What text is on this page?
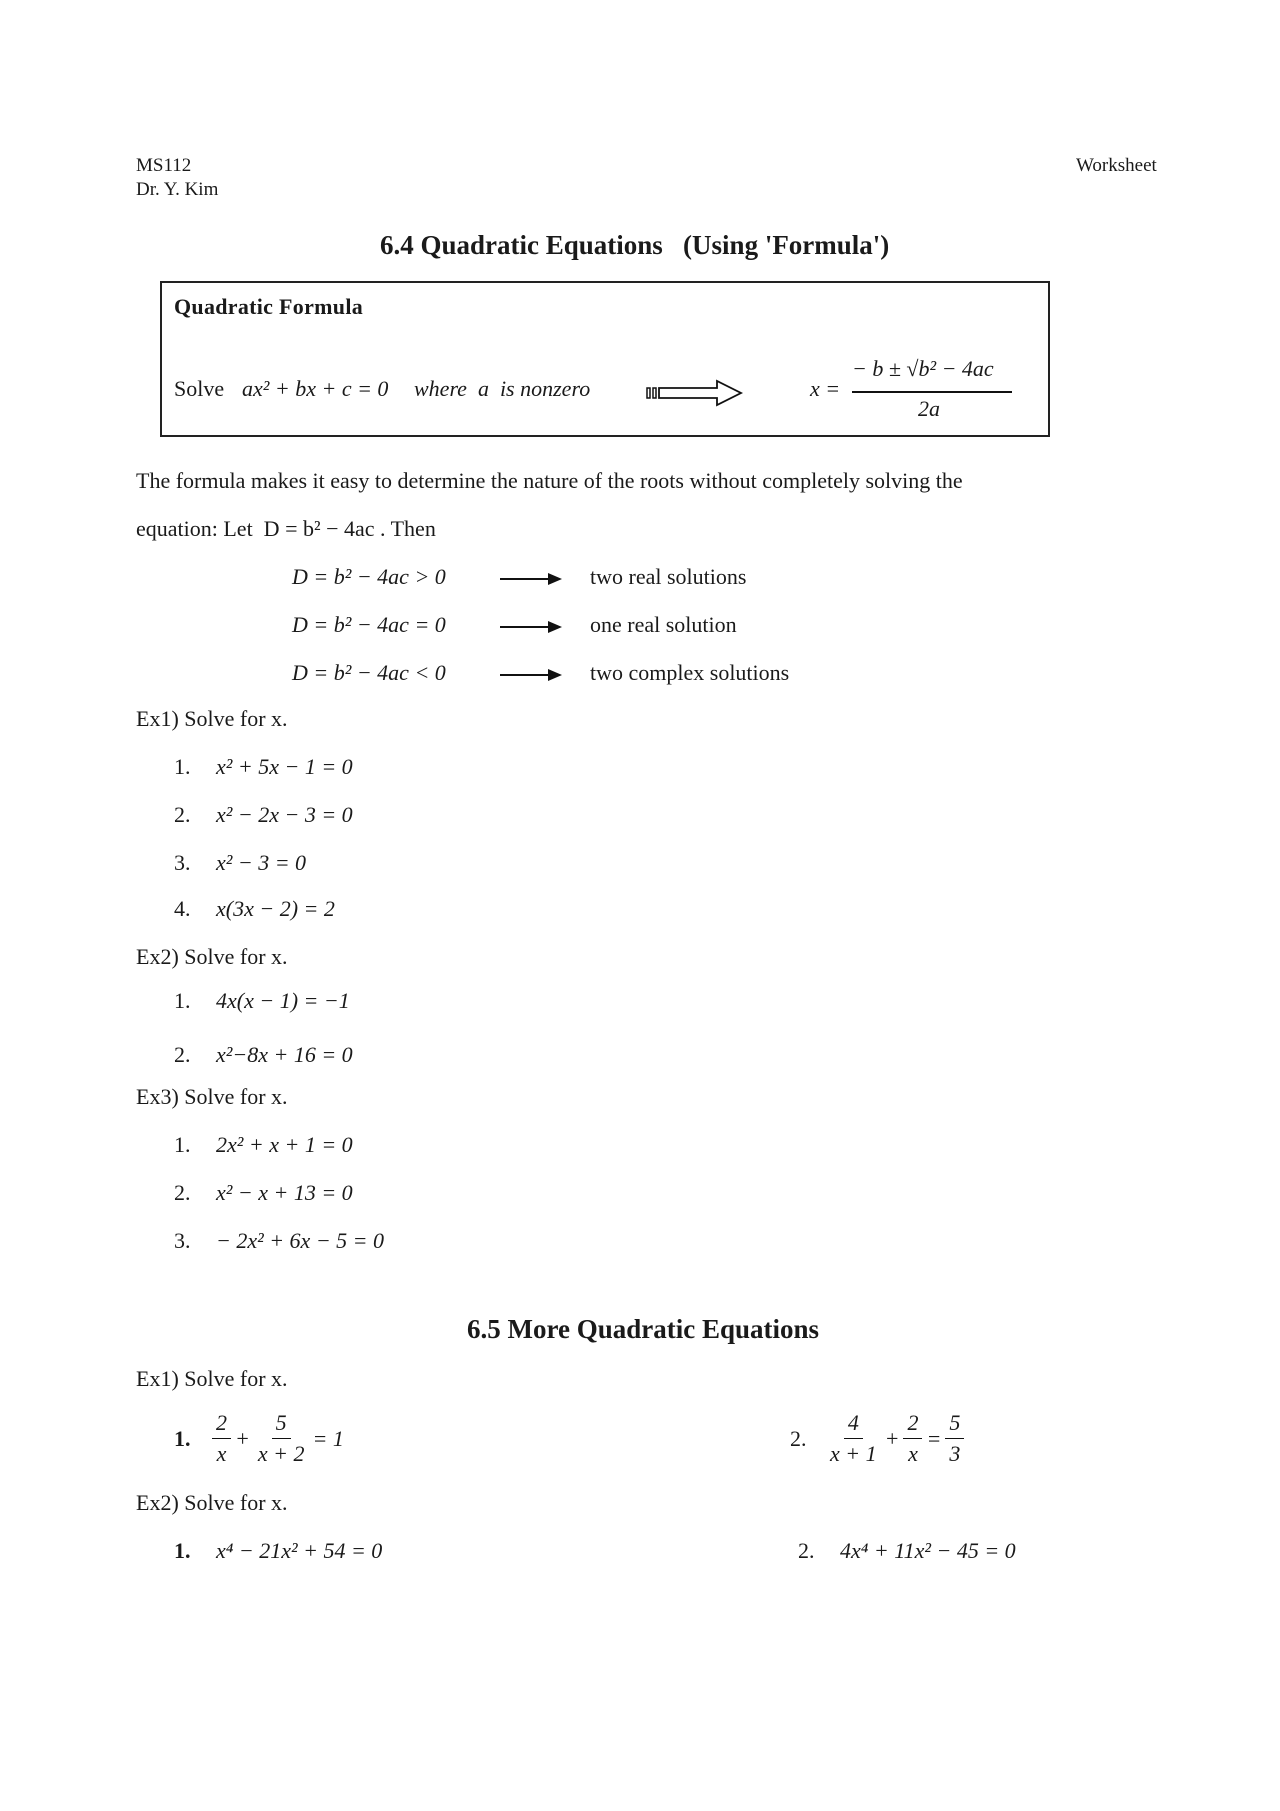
MS112
Dr. Y. Kim
Worksheet
6.4 Quadratic Equations   (Using 'Formula')
Quadratic Formula
Solve ax² + bx + c = 0 where  a  is nonzero	x =
− b ± √b² − 4ac
2a
The formula makes it easy to determine the nature of the roots without completely solving the
equation: Let  D = b² − 4ac . Then
D = b² − 4ac > 0	two real solutions
D = b² − 4ac = 0	one real solution
D = b² − 4ac < 0	two complex solutions
Ex1) Solve for x.
1. x² + 5x − 1 = 0
2. x² − 2x − 3 = 0
3. x² − 3 = 0
4. x(3x − 2) = 2
Ex2) Solve for x.
1. 4x(x − 1) = −1
2. x²−8x + 16 = 0
Ex3) Solve for x.
1. 2x² + x + 1 = 0
2. x² − x + 13 = 0
3. − 2x² + 6x − 5 = 0
6.5 More Quadratic Equations
Ex1) Solve for x.
1. $\frac{2}{x} + \frac{5}{x + 2} = 1$	2. $\frac{4}{x + 1} + \frac{2}{x} = \frac{5}{3}$
Ex2) Solve for x.
1. x⁴ − 21x² + 54 = 0	2. 4x⁴ + 11x² − 45 = 0
